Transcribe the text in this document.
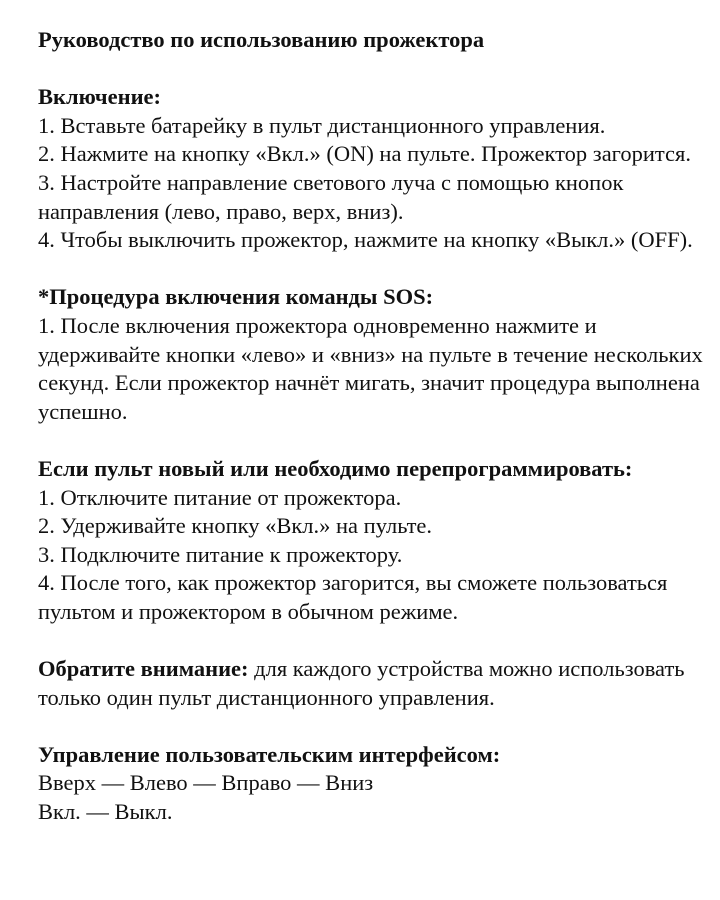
Руководство по использованию прожектора

Включение:

1. Вставьте батарейку в пульт дистанционного управления.

2. Нажмите на кнопку «Вкл.» (ON) на пульте. Прожектор загорится.

3. Настройте направление светового луча с помощью кнопок направления (лево, право, верх, вниз).

4. Чтобы выключить прожектор, нажмите на кнопку «Выкл.» (OFF).

*Процедура включения команды SOS:

1. После включения прожектора одновременно нажмите и удерживайте кнопки «лево» и «вниз» на пульте в течение нескольких секунд. Если прожектор начнёт мигать, значит процедура выполнена успешно.

Если пульт новый или необходимо перепрограммировать:

1. Отключите питание от прожектора.

2. Удерживайте кнопку «Вкл.» на пульте.

3. Подключите питание к прожектору.

4. После того, как прожектор загорится, вы сможете пользоваться пультом и прожектором в обычном режиме.

Обратите внимание: для каждого устройства можно использовать только один пульт дистанционного управления.

Управление пользовательским интерфейсом:

Вверх — Влево — Вправо — Вниз

Вкл. — Выкл.
